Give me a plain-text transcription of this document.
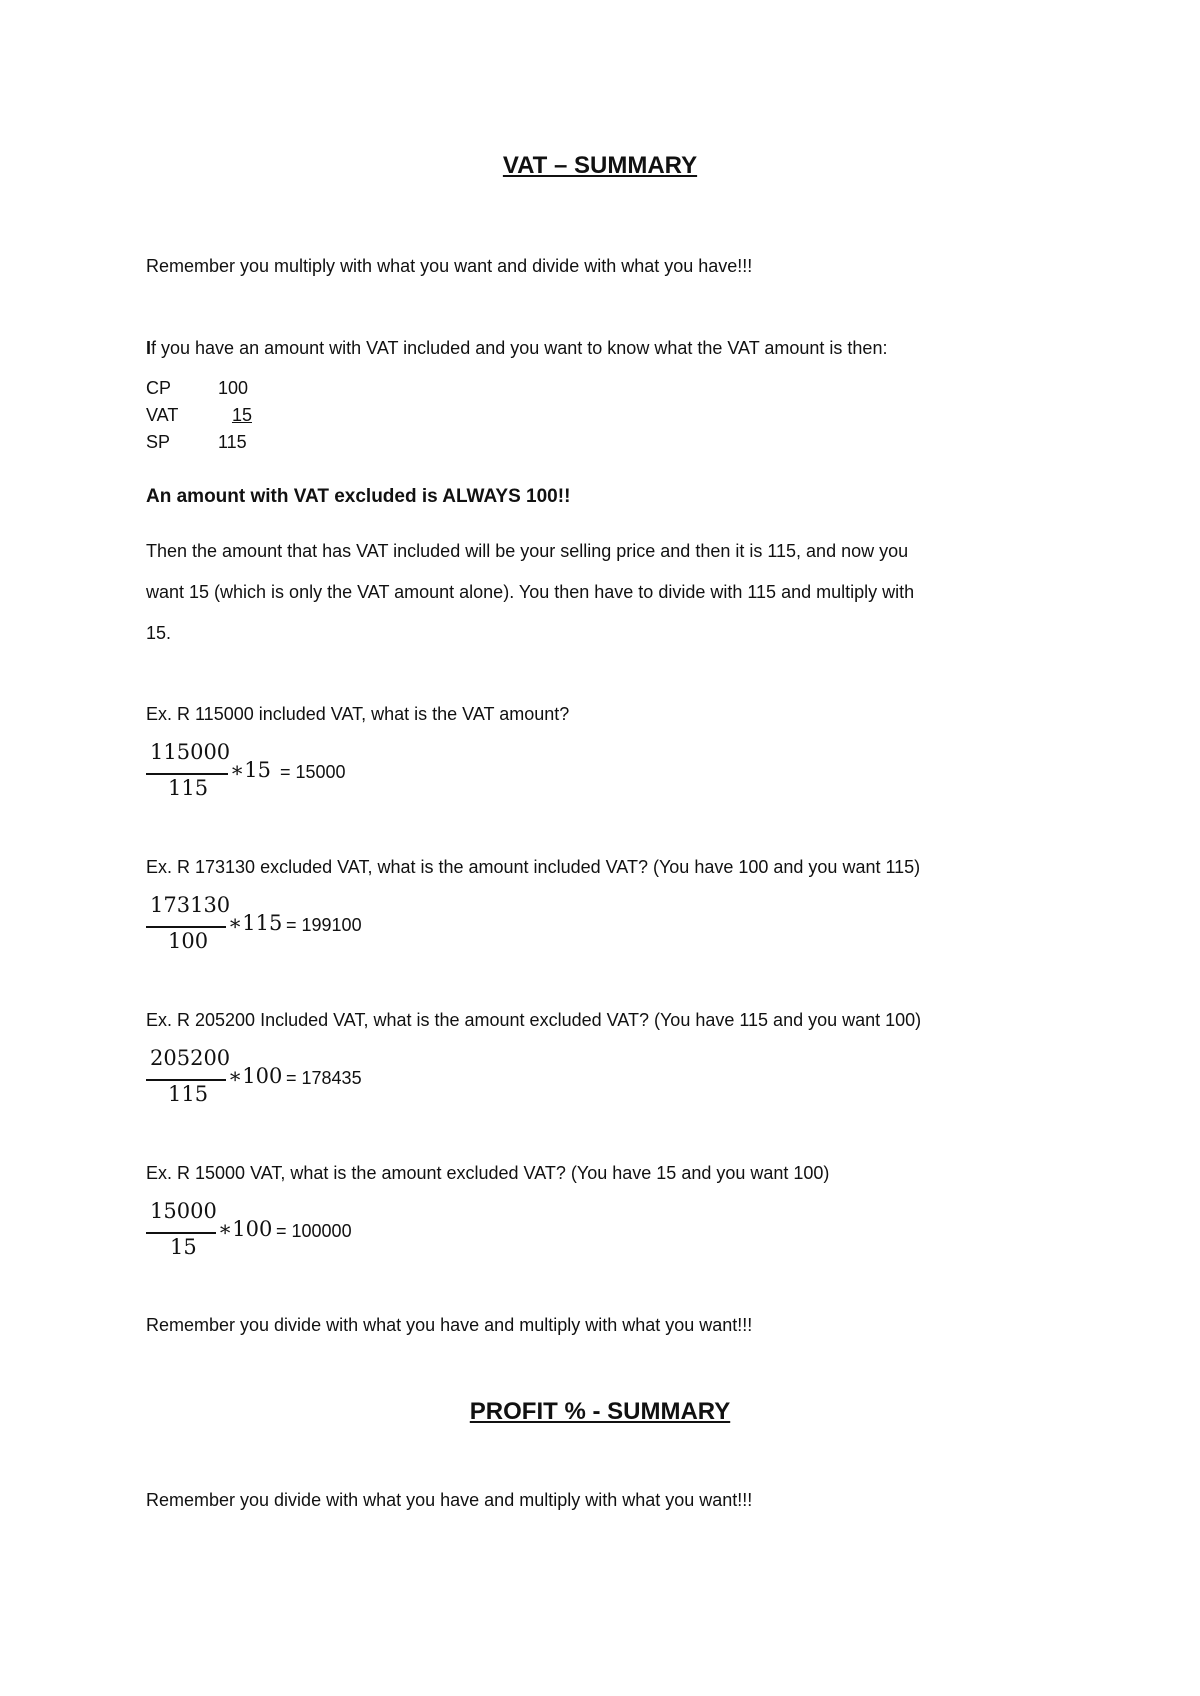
VAT – SUMMARY
Remember you multiply with what you want and divide with what you have!!!
If you have an amount with VAT included and you want to know what the VAT amount is then:
CP	100
VAT	15
SP	115
An amount with VAT excluded is ALWAYS 100!!
Then the amount that has VAT included will be your selling price and then it is 115, and now you
want 15 (which is only the VAT amount alone). You then have to divide with 115 and multiply with
15.
Ex. R 115000 included VAT, what is the VAT amount?
115000
115
∗15 = 15000
Ex. R 173130 excluded VAT, what is the amount included VAT? (You have 100 and you want 115)
173130
100
∗115 = 199100
Ex. R 205200 Included VAT, what is the amount excluded VAT? (You have 115 and you want 100)
205200
115
∗100 = 178435
Ex. R 15000 VAT, what is the amount excluded VAT? (You have 15 and you want 100)
15000
15
∗100 = 100000
Remember you divide with what you have and multiply with what you want!!!
PROFIT % - SUMMARY
Remember you divide with what you have and multiply with what you want!!!
